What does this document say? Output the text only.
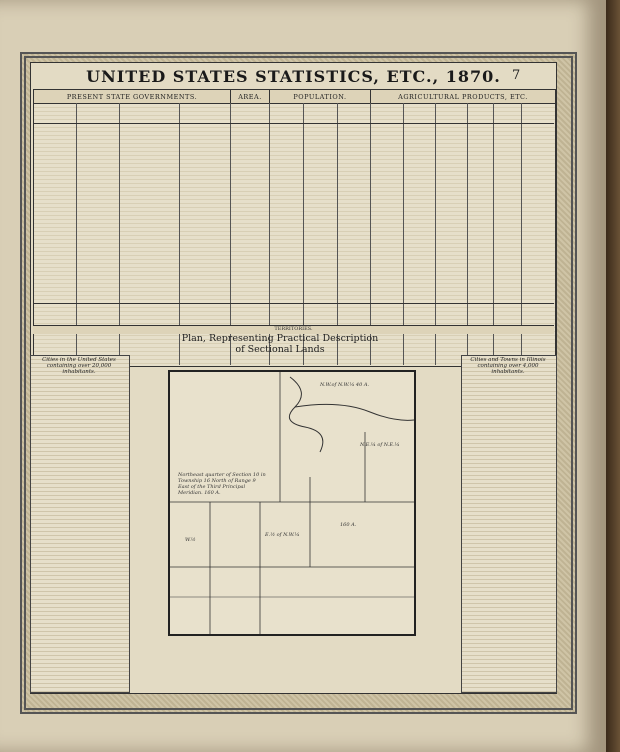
UNITED STATES STATISTICS, ETC., 1870.
PRESENT STATE GOVERNMENTS.	AREA.	POPULATION.	AGRICULTURAL PRODUCTS, ETC.
TERRITORIES.
Cities in the United States containing over 20,000 inhabitants.
Cities and Towns in Illinois containing over 4,000 inhabitants.
Plan, Representing Practical Description of Sectional Lands
Northeast quarter of Section 10 in Township 16 North of Range 9 East of the Third Principal Meridian. 160 A.
N.W.of N.W.¼ 40 A.
N.E.¼ of N.E.¼
160 A.
E.½ of N.W.¼
W.½
7
